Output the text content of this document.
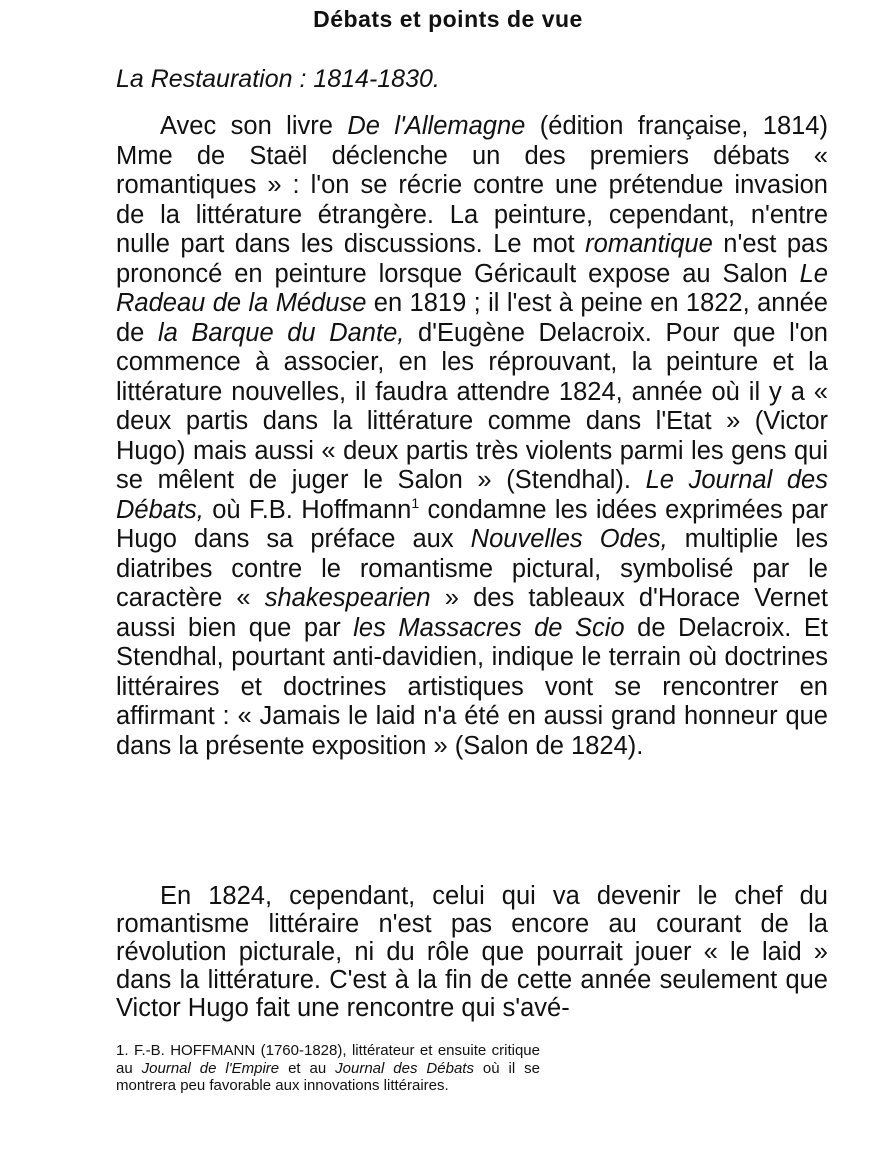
Débats et points de vue
La Restauration : 1814-1830.

Avec son livre De l'Allemagne (édition française, 1814) Mme de Staël déclenche un des premiers débats « romantiques » : l'on se récrie contre une prétendue invasion de la littérature étrangère. La peinture, cependant, n'entre nulle part dans les discussions. Le mot romantique n'est pas prononcé en peinture lorsque Géricault expose au Salon Le Radeau de la Méduse en 1819 ; il l'est à peine en 1822, année de la Barque du Dante, d'Eugène Delacroix. Pour que l'on commence à associer, en les réprouvant, la peinture et la littérature nouvelles, il faudra attendre 1824, année où il y a « deux partis dans la littérature comme dans l'Etat » (Victor Hugo) mais aussi « deux partis très violents parmi les gens qui se mêlent de juger le Salon » (Stendhal). Le Journal des Débats, où F.B. Hoffmann$^1$ condamne les idées exprimées par Hugo dans sa préface aux Nouvelles Odes, multiplie les diatribes contre le romantisme pictural, symbolisé par le caractère « shakespearien » des tableaux d'Horace Vernet aussi bien que par les Massacres de Scio de Delacroix. Et Stendhal, pourtant anti-davidien, indique le terrain où doctrines littéraires et doctrines artistiques vont se rencontrer en affirmant : « Jamais le laid n'a été en aussi grand honneur que dans la présente exposition » (Salon de 1824).

En 1824, cependant, celui qui va devenir le chef du romantisme littéraire n'est pas encore au courant de la révolution picturale, ni du rôle que pourrait jouer « le laid » dans la littérature. C'est à la fin de cette année seulement que Victor Hugo fait une rencontre qui s'avé-

1. F.-B. HOFFMANN (1760-1828), littérateur et ensuite critique au Journal de l'Empire et au Journal des Débats où il se montrera peu favorable aux innovations littéraires.
